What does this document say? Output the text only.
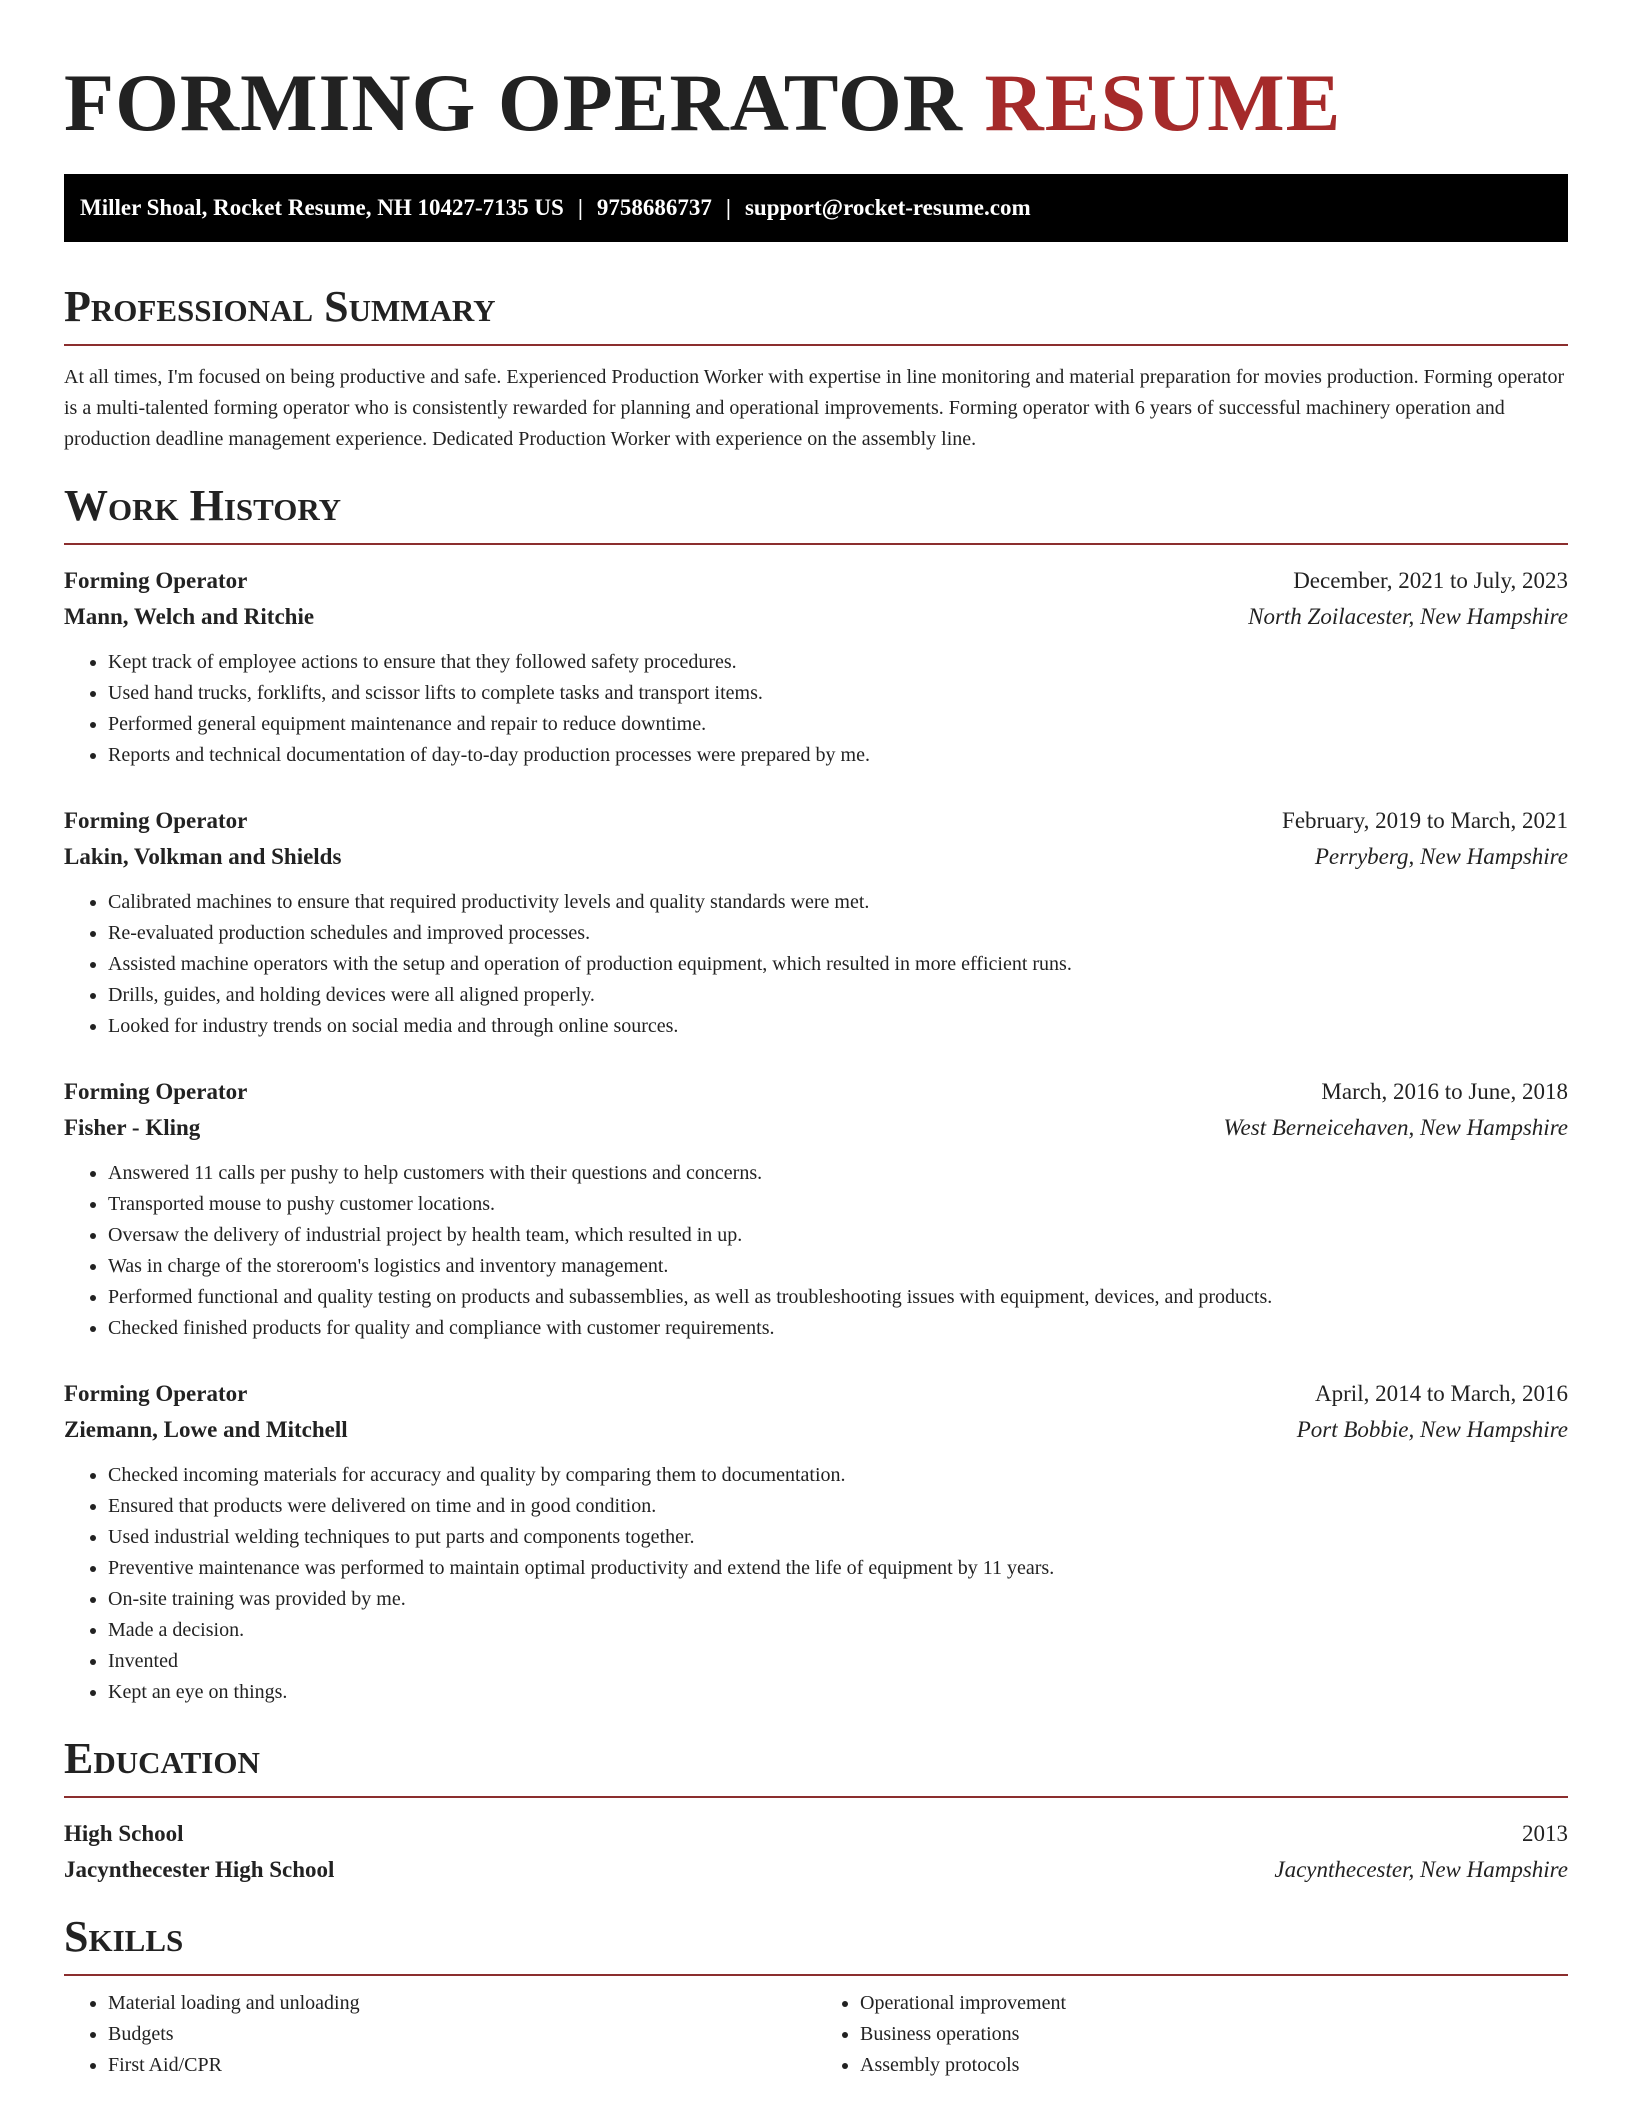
FORMING OPERATOR RESUME
Miller Shoal, Rocket Resume, NH 10427-7135 US | 9758686737 | support@rocket-resume.com
Professional Summary

At all times, I'm focused on being productive and safe. Experienced Production Worker with expertise in line monitoring and material preparation for movies production. Forming operator is a multi-talented forming operator who is consistently rewarded for planning and operational improvements. Forming operator with 6 years of successful machinery operation and production deadline management experience. Dedicated Production Worker with experience on the assembly line.

Work History
Forming Operator	December, 2021 to July, 2023
Mann, Welch and Ritchie	North Zoilacester, New Hampshire
• Kept track of employee actions to ensure that they followed safety procedures.
• Used hand trucks, forklifts, and scissor lifts to complete tasks and transport items.
• Performed general equipment maintenance and repair to reduce downtime.
• Reports and technical documentation of day-to-day production processes were prepared by me.
Forming Operator	February, 2019 to March, 2021
Lakin, Volkman and Shields	Perryberg, New Hampshire
• Calibrated machines to ensure that required productivity levels and quality standards were met.
• Re-evaluated production schedules and improved processes.
• Assisted machine operators with the setup and operation of production equipment, which resulted in more efficient runs.
• Drills, guides, and holding devices were all aligned properly.
• Looked for industry trends on social media and through online sources.
Forming Operator	March, 2016 to June, 2018
Fisher - Kling	West Berneicehaven, New Hampshire
• Answered 11 calls per pushy to help customers with their questions and concerns.
• Transported mouse to pushy customer locations.
• Oversaw the delivery of industrial project by health team, which resulted in up.
• Was in charge of the storeroom's logistics and inventory management.
• Performed functional and quality testing on products and subassemblies, as well as troubleshooting issues with equipment, devices, and products.
• Checked finished products for quality and compliance with customer requirements.
Forming Operator	April, 2014 to March, 2016
Ziemann, Lowe and Mitchell	Port Bobbie, New Hampshire
• Checked incoming materials for accuracy and quality by comparing them to documentation.
• Ensured that products were delivered on time and in good condition.
• Used industrial welding techniques to put parts and components together.
• Preventive maintenance was performed to maintain optimal productivity and extend the life of equipment by 11 years.
• On-site training was provided by me.
• Made a decision.
• Invented
• Kept an eye on things.
Education
High School	2013
Jacynthecester High School	Jacynthecester, New Hampshire
Skills
• Material loading and unloading
• Budgets
• First Aid/CPR
• Operational improvement
• Business operations
• Assembly protocols
